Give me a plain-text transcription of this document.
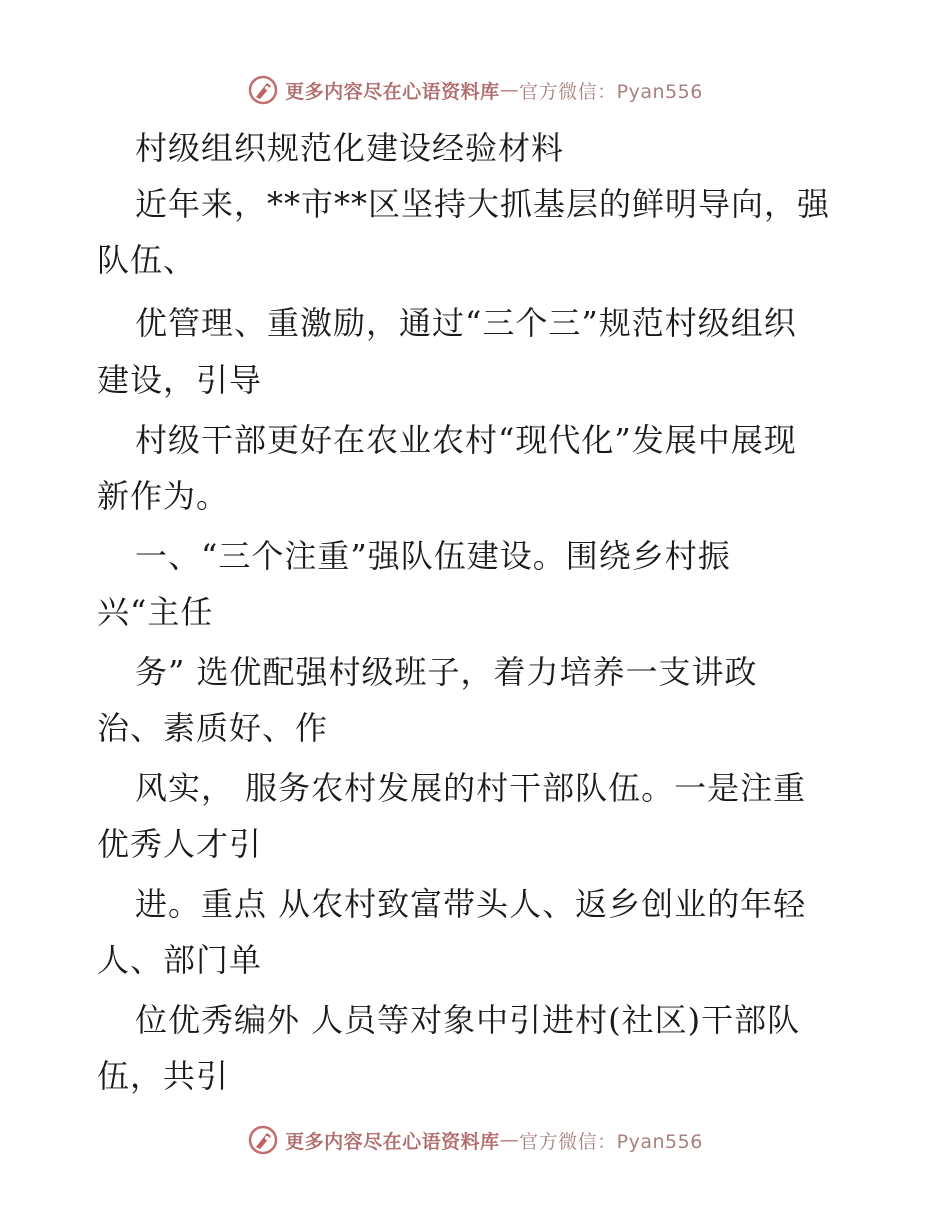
更多内容尽在心语资料库 — 官方微信：Pyan556
村级组织规范化建设经验材料
近年来，**市**区坚持大抓基层的鲜明导向，强
队伍、
优管理、重激励，通过“三个三”规范村级组织
建设，引导
村级干部更好在农业农村“现代化”发展中展现
新作为。
一、“三个注重”强队伍建设。围绕乡村振
兴“主任
务” 选优配强村级班子，着力培养一支讲政
治、素质好、作
风实， 服务农村发展的村干部队伍。一是注重
优秀人才引
进。重点 从农村致富带头人、返乡创业的年轻
人、部门单
位优秀编外 人员等对象中引进村(社区)干部队
伍，共引
更多内容尽在心语资料库 — 官方微信：Pyan556
